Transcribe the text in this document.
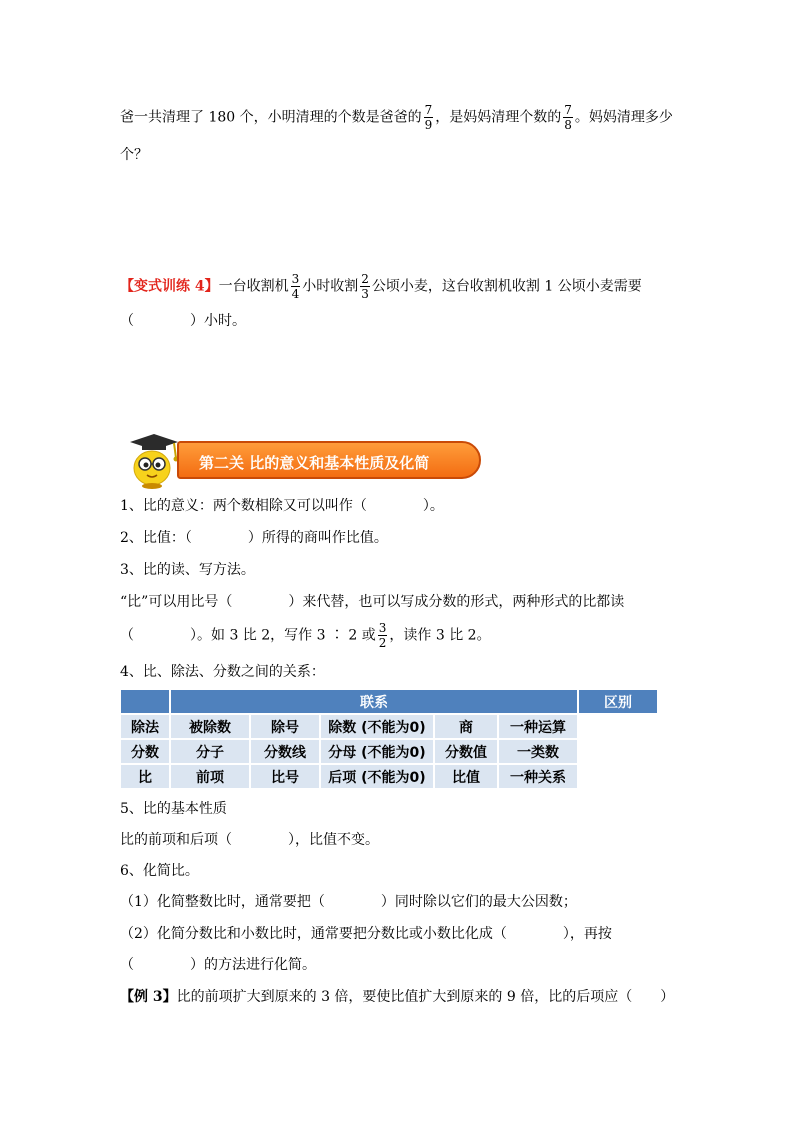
爸一共清理了 180 个，小明清理的个数是爸爸的 $\frac{7}{9}$ ，是妈妈清理个数的 $\frac{7}{8}$ 。妈妈清理多少
个？
【变式训练 4】一台收割机 $\frac{3}{4}$ 小时收割 $\frac{2}{3}$ 公顷小麦，这台收割机收割 1 公顷小麦需要
（　　　　）小时。
第二关 比的意义和基本性质及化简
1、比的意义：两个数相除又可以叫作（　　　　）。
2、比值：（　　　　）所得的商叫作比值。
3、比的读、写方法。
“比”可以用比号（　　　　）来代替，也可以写成分数的形式，两种形式的比都读
（　　　　）。如 3 比 2，写作 3 ∶ 2 或 $\frac{3}{2}$ ，读作 3 比 2。
4、比、除法、分数之间的关系：
	联系					区别
除法	被除数	除号	除数 (不能为0)	商	一种运算	
分数	分子	分数线	分母 (不能为0)	分数值	一类数	
比	前项	比号	后项 (不能为0)	比值	一种关系	
5、比的基本性质
比的前项和后项（　　　　），比值不变。
6、化简比。
（1）化简整数比时，通常要把（　　　　）同时除以它们的最大公因数；
（2）化简分数比和小数比时，通常要把分数比或小数比化成（　　　　），再按
（　　　　）的方法进行化简。
【例 3】比的前项扩大到原来的 3 倍，要使比值扩大到原来的 9 倍，比的后项应（　　）
